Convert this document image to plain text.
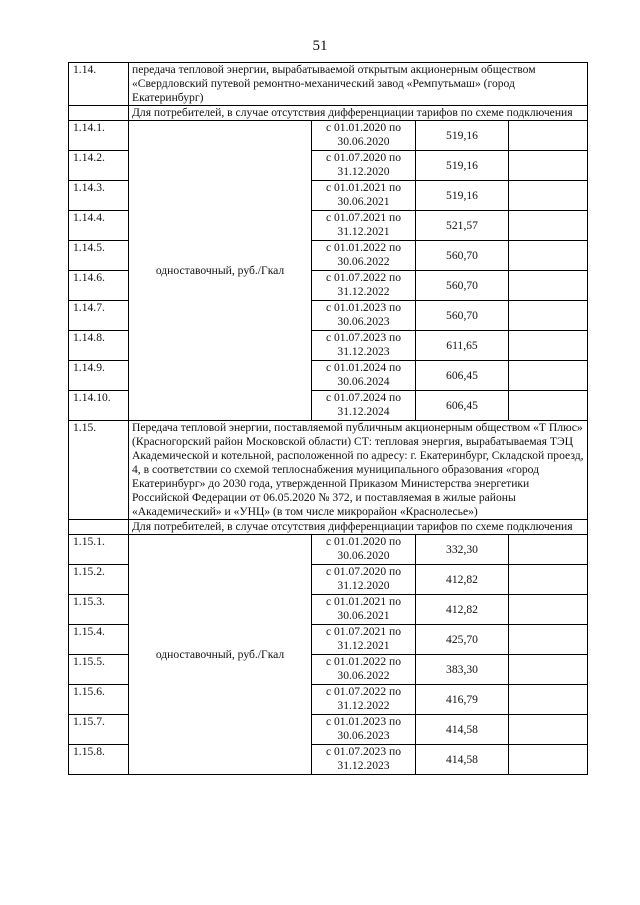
51
1.14.	передача тепловой энергии, вырабатываемой открытым акционерным обществом «Свердловский путевой ремонтно-механический завод «Ремпутьмаш» (город Екатеринбург)			
	Для потребителей, в случае отсутствия дифференциации тарифов по схеме подключения			
1.14.1.	одноставочный, руб./Гкал	с 01.01.2020 по 30.06.2020	519,16	
1.14.2.		с 01.07.2020 по 31.12.2020	519,16	
1.14.3.		с 01.01.2021 по 30.06.2021	519,16	
1.14.4.		с 01.07.2021 по 31.12.2021	521,57	
1.14.5.		с 01.01.2022 по 30.06.2022	560,70	
1.14.6.		с 01.07.2022 по 31.12.2022	560,70	
1.14.7.		с 01.01.2023 по 30.06.2023	560,70	
1.14.8.		с 01.07.2023 по 31.12.2023	611,65	
1.14.9.		с 01.01.2024 по 30.06.2024	606,45	
1.14.10.		с 01.07.2024 по 31.12.2024	606,45	
1.15.	Передача тепловой энергии, поставляемой публичным акционерным обществом «Т Плюс» (Красногорский район Московской области) СТ: тепловая энергия, вырабатываемая ТЭЦ Академической и котельной, расположенной по адресу: г. Екатеринбург, Складской проезд, 4, в соответствии со схемой теплоснабжения муниципального образования «город Екатеринбург» до 2030 года, утвержденной Приказом Министерства энергетики Российской Федерации от 06.05.2020 № 372, и поставляемая в жилые районы «Академический» и «УНЦ» (в том числе микрорайон «Краснолесье»)			
	Для потребителей, в случае отсутствия дифференциации тарифов по схеме подключения			
1.15.1.	одноставочный, руб./Гкал	с 01.01.2020 по 30.06.2020	332,30	
1.15.2.		с 01.07.2020 по 31.12.2020	412,82	
1.15.3.		с 01.01.2021 по 30.06.2021	412,82	
1.15.4.		с 01.07.2021 по 31.12.2021	425,70	
1.15.5.		с 01.01.2022 по 30.06.2022	383,30	
1.15.6.		с 01.07.2022 по 31.12.2022	416,79	
1.15.7.		с 01.01.2023 по 30.06.2023	414,58	
1.15.8.		с 01.07.2023 по 31.12.2023	414,58	
